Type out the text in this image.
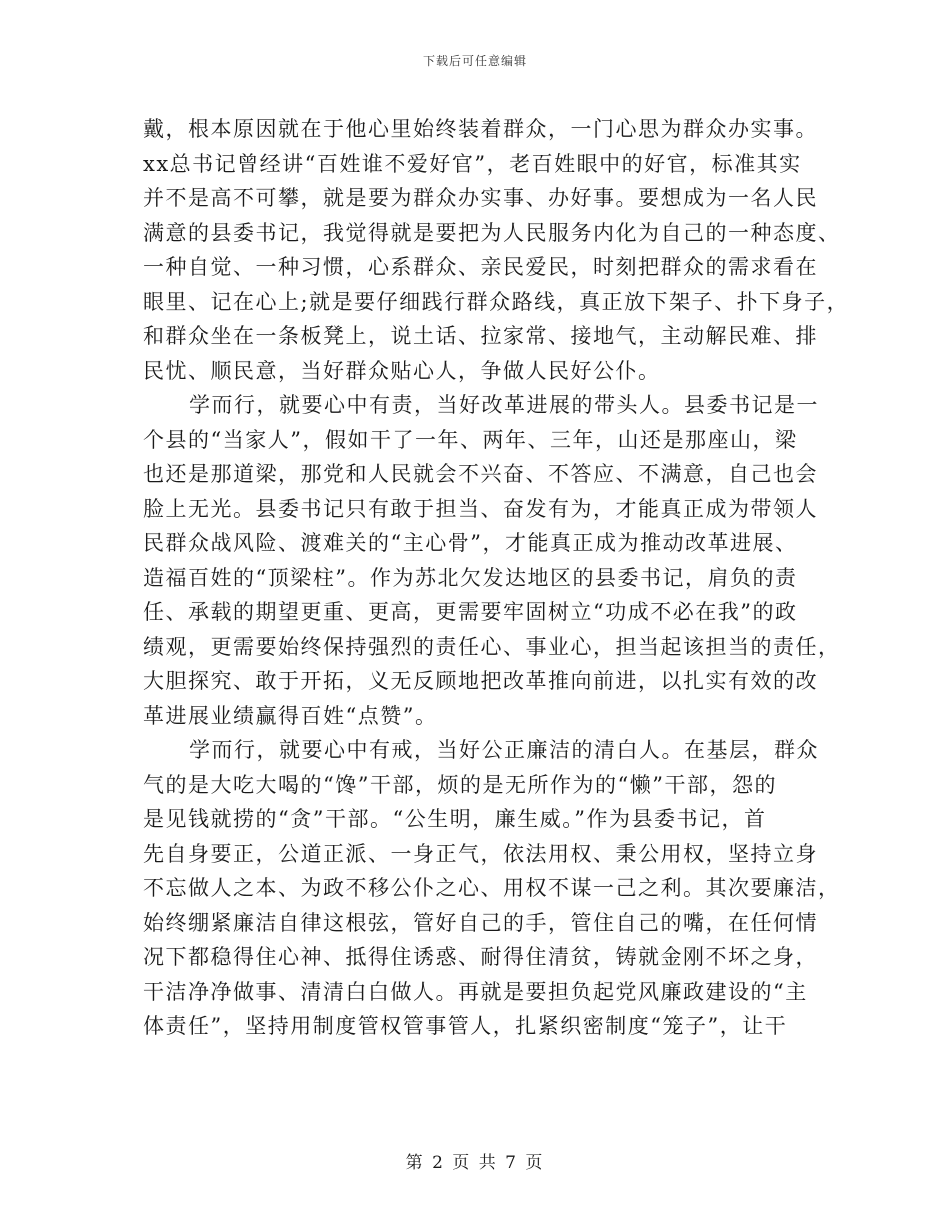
下载后可任意编辑
戴，根本原因就在于他心里始终装着群众，一门心思为群众办实事。
xx总书记曾经讲“百姓谁不爱好官”，老百姓眼中的好官，标准其实
并不是高不可攀，就是要为群众办实事、办好事。要想成为一名人民
满意的县委书记，我觉得就是要把为人民服务内化为自己的一种态度、
一种自觉、一种习惯，心系群众、亲民爱民，时刻把群众的需求看在
眼里、记在心上;就是要仔细践行群众路线，真正放下架子、扑下身子，
和群众坐在一条板凳上，说土话、拉家常、接地气，主动解民难、排
民忧、顺民意，当好群众贴心人，争做人民好公仆。
学而行，就要心中有责，当好改革进展的带头人。县委书记是一
个县的“当家人”，假如干了一年、两年、三年，山还是那座山，梁
也还是那道梁，那党和人民就会不兴奋、不答应、不满意，自己也会
脸上无光。县委书记只有敢于担当、奋发有为，才能真正成为带领人
民群众战风险、渡难关的“主心骨”，才能真正成为推动改革进展、
造福百姓的“顶梁柱”。作为苏北欠发达地区的县委书记，肩负的责
任、承载的期望更重、更高，更需要牢固树立“功成不必在我”的政
绩观，更需要始终保持强烈的责任心、事业心，担当起该担当的责任，
大胆探究、敢于开拓，义无反顾地把改革推向前进，以扎实有效的改
革进展业绩赢得百姓“点赞”。
学而行，就要心中有戒，当好公正廉洁的清白人。在基层，群众
气的是大吃大喝的“馋”干部，烦的是无所作为的“懒”干部，怨的
是见钱就捞的“贪”干部。“公生明，廉生威。”作为县委书记，首
先自身要正，公道正派、一身正气，依法用权、秉公用权，坚持立身
不忘做人之本、为政不移公仆之心、用权不谋一己之利。其次要廉洁，
始终绷紧廉洁自律这根弦，管好自己的手，管住自己的嘴，在任何情
况下都稳得住心神、抵得住诱惑、耐得住清贫，铸就金刚不坏之身，
干洁净净做事、清清白白做人。再就是要担负起党风廉政建设的“主
体责任”，坚持用制度管权管事管人，扎紧织密制度“笼子”，让干
第 2 页 共 7 页
